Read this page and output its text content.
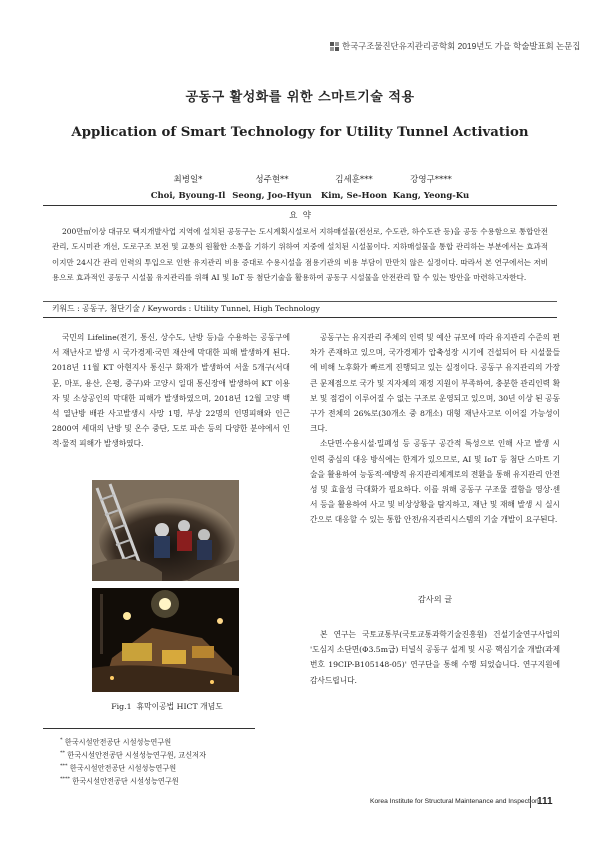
한국구조물진단유지관리공학회 2019년도 가을 학술발표회 논문집
공동구 활성화를 위한 스마트기술 적용
Application of Smart Technology for Utility Tunnel Activation
최병일*
Choi, Byoung-Il
성주현**
Seong, Joo-Hyun
김세훈***
Kim, Se-Hoon
강영구****
Kang, Yeong-Ku
요  약
200만㎡이상 대규모 택지개발사업 지역에 설치된 공동구는 도시계획시설로서 지하매설물(전선로, 수도관, 하수도관 등)을 공동 수용함으로 통합안전관리, 도시미관 개선, 도로구조 보전 및 교통의 원활한 소통을 기하기 위하여 지중에 설치된 시설물이다. 지하매설물을 통합 관리하는 부분에서는 효과적이지만 24시간 관리 인력의 투입으로 인한 유지관리 비용 증대로 수용시설을 점용기관의 비용 부담이 만만치 않은 실정이다. 따라서 본 연구에서는 저비용으로 효과적인 공동구 시설물 유지관리를 위해 AI 및 IoT 등 첨단기술을 활용하여 공동구 시설물을 안전관리 할 수 있는 방안을 마련하고자한다.
키워드 : 공동구, 첨단기술 / Keywords : Utility Tunnel, High Technology

국민의 Lifeline(전기, 통신, 상수도, 난방 등)을 수용하는 공동구에서 재난사고 발생 시 국가경제·국민 재산에 막대한 피해 발생하게 된다. 2018년 11월 KT 아현지사 통신구 화재가 발생하여 서울 5개구(서대문, 마포, 용산, 은평, 중구)와 고양시 일대 통신장애 발생하여 KT 이용자 및 소상공인의 막대한 피해가 발생하였으며, 2018년 12월 고양 백석 열난방 배관 사고발생시 사망 1명, 부상 22명의 인명피해와 인근 2800여 세대의 난방 및 온수 중단, 도로 파손 등의 다양한 분야에서 인적·물적 피해가 발생하였다.

Fig.1  휴막이공법 HICT 개념도

공동구는 유지관리 주체의 인력 및 예산 규모에 따라 유지관리 수준의 편차가 존재하고 있으며, 국가경제가 압축성장 시기에 건설되어 타 시설물들에 비해 노후화가 빠르게 진행되고 있는 실정이다. 공동구 유지관리의 가장 큰 문제점으로 국가 및 지자체의 재정 지원이 부족하여, 충분한 관리인력 확보 및 점검이 이루어질 수 없는 구조로 운영되고 있으며, 30년 이상 된 공동구가 전체의 26%로(30개소 중 8개소) 대형 재난사고로 이어질 가능성이 크다.

소단면·수용시설·밀폐성 등 공동구 공간적 특성으로 인해 사고 발생 시 인력 중심의 대응 방식에는 한계가 있으므로, AI 및 IoT 등 첨단 스마트 기술을 활용하여 능동적·예방적 유지관리체계로의 전환을 통해 유지관리 안전성 및 효율성 극대화가 필요하다. 이를 위해 공동구 구조물 결함을 영상·센서 등을 활용하여 사고 및 비상상황을 탐지하고, 재난 및 재해 발생 시 실시간으로 대응할 수 있는 통합 안전/유지관리시스템의 기술 개발이 요구된다.

감사의 글

본 연구는 국토교통부(국토교통과학기술진흥원) 건설기술연구사업의 '도심지 소단면(Φ3.5m급) 터널식 공동구 설계 및 시공 핵심기술 개발(과제번호 19CIP-B105148-05)' 연구단을 통해 수행 되었습니다. 연구지원에 감사드립니다.

* 한국시설안전공단 시설성능연구원
** 한국시설안전공단 시설성능연구원, 교신저자
*** 한국시설안전공단 시설성능연구원
**** 한국시설안전공단 시설성능연구원
Korea Institute for Structural Maintenance and Inspection
111
